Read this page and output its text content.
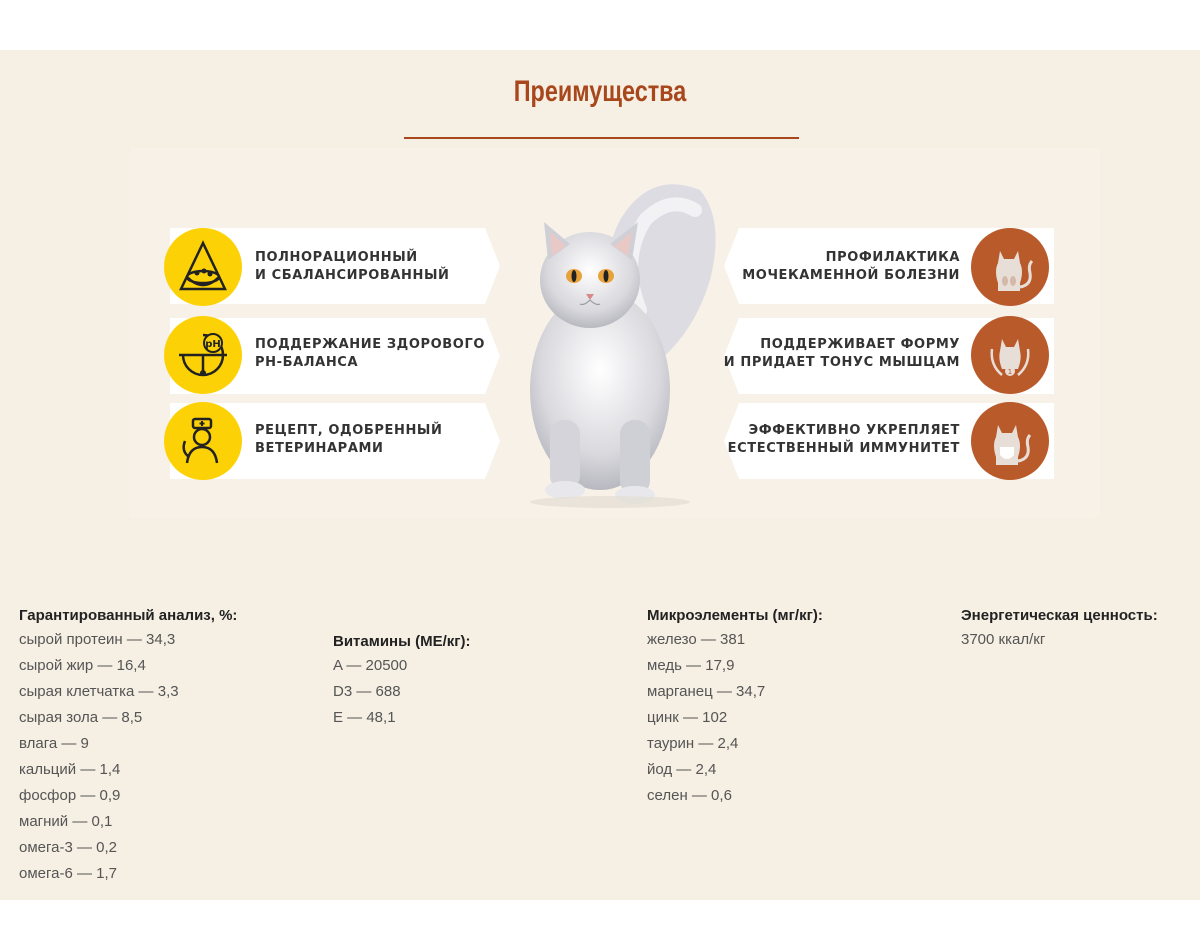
Преимущества
pH
ПОЛНОРАЦИОННЫЙ
И СБАЛАНСИРОВАННЫЙ
ПОДДЕРЖАНИЕ ЗДОРОВОГО
PH-БАЛАНСА
РЕЦЕПТ, ОДОБРЕННЫЙ
ВЕТЕРИНАРАМИ
1
ПРОФИЛАКТИКА
МОЧЕКАМЕННОЙ БОЛЕЗНИ
ПОДДЕРЖИВАЕТ ФОРМУ
И ПРИДАЕТ ТОНУС МЫШЦАМ
ЭФФЕКТИВНО УКРЕПЛЯЕТ
ЕСТЕСТВЕННЫЙ ИММУНИТЕТ
Гарантированный анализ, %:
сырой протеин — 34,3
сырой жир — 16,4
сырая клетчатка — 3,3
сырая зола — 8,5
влага — 9
кальций — 1,4
фосфор — 0,9
магний — 0,1
омега-3 — 0,2
омега-6 — 1,7
Витамины (МЕ/кг):
A — 20500
D3 — 688
E — 48,1
Микроэлементы (мг/кг):
железо — 381
медь — 17,9
марганец — 34,7
цинк — 102
таурин — 2,4
йод — 2,4
селен — 0,6
Энергетическая ценность:
3700 ккал/кг
